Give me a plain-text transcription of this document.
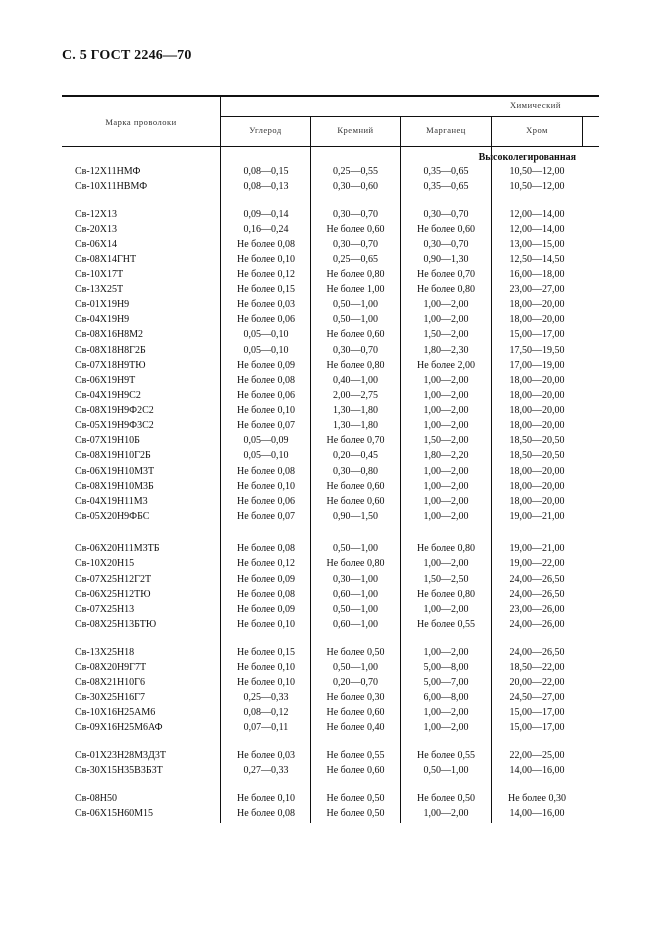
С. 5 ГОСТ 2246—70
Марка проволоки
Химический
Углерод	Кремний	Марганец	Хром
Высоколегированная
Св-12Х11НМФ	0,08—0,15	0,25—0,55	0,35—0,65	10,50—12,00
Св-10Х11НВМФ	0,08—0,13	0,30—0,60	0,35—0,65	10,50—12,00
Св-12Х13	0,09—0,14	0,30—0,70	0,30—0,70	12,00—14,00
Св-20Х13	0,16—0,24	Не более 0,60	Не более 0,60	12,00—14,00
Св-06Х14	Не более 0,08	0,30—0,70	0,30—0,70	13,00—15,00
Св-08Х14ГНТ	Не более 0,10	0,25—0,65	0,90—1,30	12,50—14,50
Св-10Х17Т	Не более 0,12	Не более 0,80	Не более 0,70	16,00—18,00
Св-13Х25Т	Не более 0,15	Не более 1,00	Не более 0,80	23,00—27,00
Св-01Х19Н9	Не более 0,03	0,50—1,00	1,00—2,00	18,00—20,00
Св-04Х19Н9	Не более 0,06	0,50—1,00	1,00—2,00	18,00—20,00
Св-08Х16Н8М2	0,05—0,10	Не более 0,60	1,50—2,00	15,00—17,00
Св-08Х18Н8Г2Б	0,05—0,10	0,30—0,70	1,80—2,30	17,50—19,50
Св-07Х18Н9ТЮ	Не более 0,09	Не более 0,80	Не более 2,00	17,00—19,00
Св-06Х19Н9Т	Не более 0,08	0,40—1,00	1,00—2,00	18,00—20,00
Св-04Х19Н9С2	Не более 0,06	2,00—2,75	1,00—2,00	18,00—20,00
Св-08Х19Н9Ф2С2	Не более 0,10	1,30—1,80	1,00—2,00	18,00—20,00
Св-05Х19Н9Ф3С2	Не более 0,07	1,30—1,80	1,00—2,00	18,00—20,00
Св-07Х19Н10Б	0,05—0,09	Не более 0,70	1,50—2,00	18,50—20,50
Св-08Х19Н10Г2Б	0,05—0,10	0,20—0,45	1,80—2,20	18,50—20,50
Св-06Х19Н10М3Т	Не более 0,08	0,30—0,80	1,00—2,00	18,00—20,00
Св-08Х19Н10М3Б	Не более 0,10	Не более 0,60	1,00—2,00	18,00—20,00
Св-04Х19Н11М3	Не более 0,06	Не более 0,60	1,00—2,00	18,00—20,00
Св-05Х20Н9ФБС	Не более 0,07	0,90—1,50	1,00—2,00	19,00—21,00
Св-06Х20Н11М3ТБ	Не более 0,08	0,50—1,00	Не более 0,80	19,00—21,00
Св-10Х20Н15	Не более 0,12	Не более 0,80	1,00—2,00	19,00—22,00
Св-07Х25Н12Г2Т	Не более 0,09	0,30—1,00	1,50—2,50	24,00—26,50
Св-06Х25Н12ТЮ	Не более 0,08	0,60—1,00	Не более 0,80	24,00—26,50
Св-07Х25Н13	Не более 0,09	0,50—1,00	1,00—2,00	23,00—26,00
Св-08Х25Н13БТЮ	Не более 0,10	0,60—1,00	Не более 0,55	24,00—26,00
Св-13Х25Н18	Не более 0,15	Не более 0,50	1,00—2,00	24,00—26,50
Св-08Х20Н9Г7Т	Не более 0,10	0,50—1,00	5,00—8,00	18,50—22,00
Св-08Х21Н10Г6	Не более 0,10	0,20—0,70	5,00—7,00	20,00—22,00
Св-30Х25Н16Г7	0,25—0,33	Не более 0,30	6,00—8,00	24,50—27,00
Св-10Х16Н25АМ6	0,08—0,12	Не более 0,60	1,00—2,00	15,00—17,00
Св-09Х16Н25М6АФ	0,07—0,11	Не более 0,40	1,00—2,00	15,00—17,00
Св-01Х23Н28М3Д3Т	Не более 0,03	Не более 0,55	Не более 0,55	22,00—25,00
Св-30Х15Н35В3Б3Т	0,27—0,33	Не более 0,60	0,50—1,00	14,00—16,00
Св-08Н50	Не более 0,10	Не более 0,50	Не более 0,50	Не более 0,30
Св-06Х15Н60М15	Не более 0,08	Не более 0,50	1,00—2,00	14,00—16,00
